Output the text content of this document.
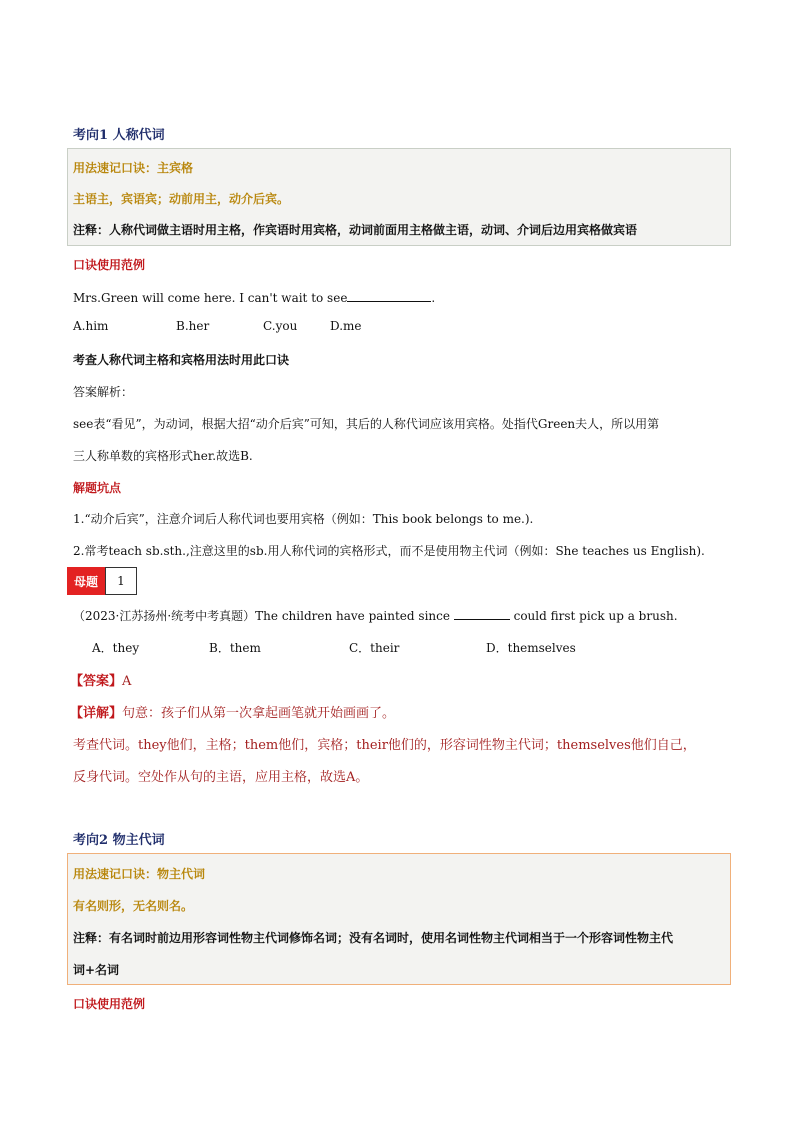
考向1 人称代词
用法速记口诀：主宾格
主语主，宾语宾；动前用主，动介后宾。
注释：人称代词做主语时用主格，作宾语时用宾格，动词前面用主格做主语，动词、介词后边用宾格做宾语
口诀使用范例
Mrs.Green will come here. I can't wait to see	.
A.him	B.her	C.you	D.me
考查人称代词主格和宾格用法时用此口诀
答案解析：
see表“看见”，为动词，根据大招“动介后宾”可知，其后的人称代词应该用宾格。处指代Green夫人，所以用第
三人称单数的宾格形式her.故选B.
解题坑点
1.“动介后宾”，注意介词后人称代词也要用宾格（例如：This book belongs to me.).
2.常考teach sb.sth.,注意这里的sb.用人称代词的宾格形式，而不是使用物主代词（例如：She teaches us English).
母题	1
（2023·江苏扬州·统考中考真题）The children have painted since	could first pick up a brush.
A．they	B．them	C．their	D．themselves
【答案】A
【详解】句意：孩子们从第一次拿起画笔就开始画画了。
考查代词。they他们，主格；them他们，宾格；their他们的，形容词性物主代词；themselves他们自己，
反身代词。空处作从句的主语，应用主格，故选A。
考向2 物主代词
用法速记口诀：物主代词
有名则形，无名则名。
注释：有名词时前边用形容词性物主代词修饰名词；没有名词时，使用名词性物主代词相当于一个形容词性物主代
词+名词
口诀使用范例
